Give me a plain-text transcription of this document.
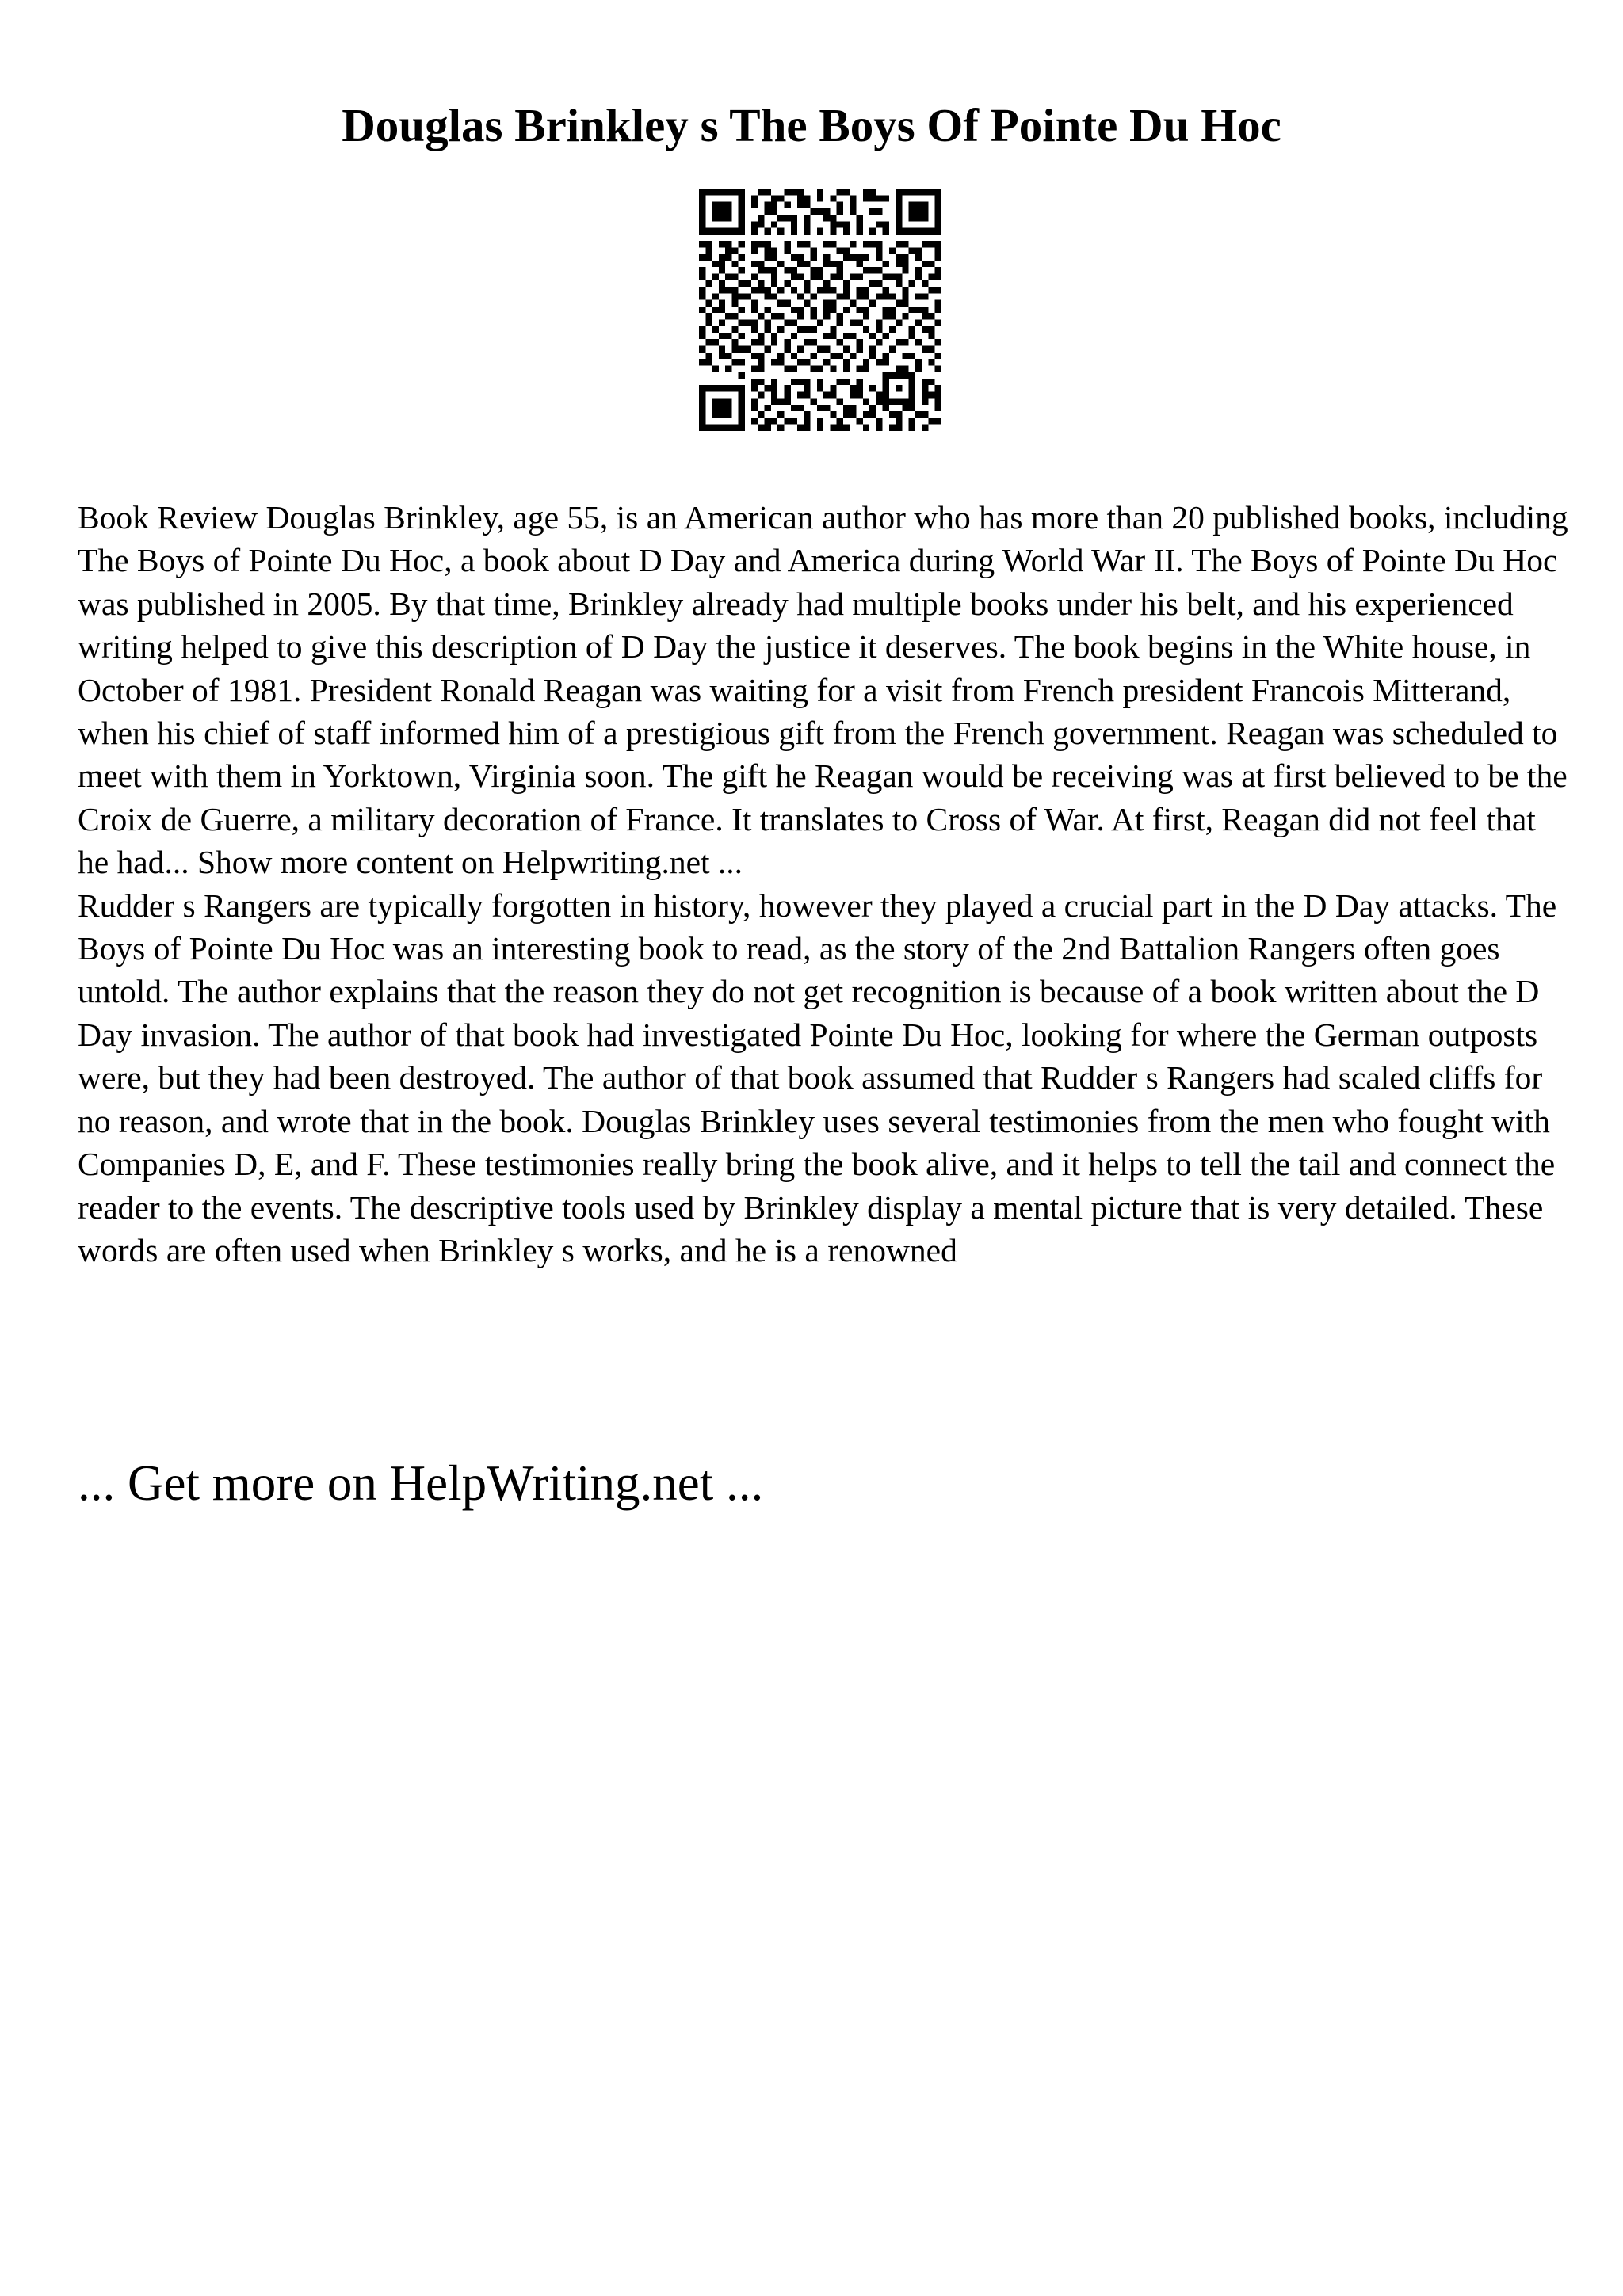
Douglas Brinkley s The Boys Of Pointe Du Hoc

Book Review Douglas Brinkley, age 55, is an American author who has more than 20 published books, including The Boys of Pointe Du Hoc, a book about D Day and America during World War II. The Boys of Pointe Du Hoc was published in 2005. By that time, Brinkley already had multiple books under his belt, and his experienced writing helped to give this description of D Day the justice it deserves. The book begins in the White house, in October of 1981. President Ronald Reagan was waiting for a visit from French president Francois Mitterand, when his chief of staff informed him of a prestigious gift from the French government. Reagan was scheduled to meet with them in Yorktown, Virginia soon. The gift he Reagan would be receiving was at first believed to be the Croix de Guerre, a military decoration of France. It translates to Cross of War. At first, Reagan did not feel that he had... Show more content on Helpwriting.net ...

Rudder s Rangers are typically forgotten in history, however they played a crucial part in the D Day attacks. The Boys of Pointe Du Hoc was an interesting book to read, as the story of the 2nd Battalion Rangers often goes untold. The author explains that the reason they do not get recognition is because of a book written about the D Day invasion. The author of that book had investigated Pointe Du Hoc, looking for where the German outposts were, but they had been destroyed. The author of that book assumed that Rudder s Rangers had scaled cliffs for no reason, and wrote that in the book. Douglas Brinkley uses several testimonies from the men who fought with Companies D, E, and F. These testimonies really bring the book alive, and it helps to tell the tail and connect the reader to the events. The descriptive tools used by Brinkley display a mental picture that is very detailed. These words are often used when Brinkley s works, and he is a renowned

... Get more on HelpWriting.net ...
